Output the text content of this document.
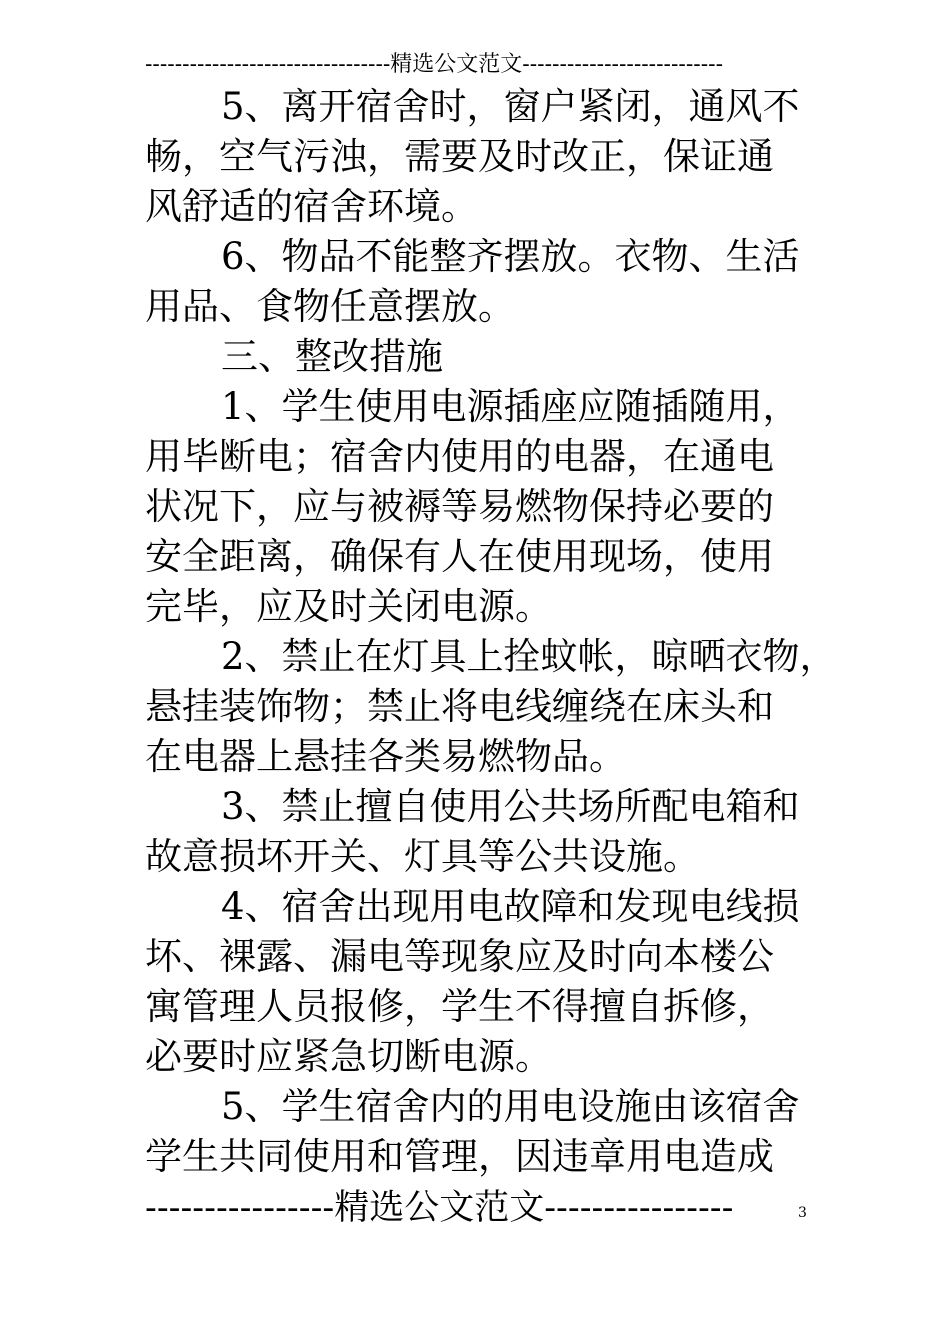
---------------------------------精选公文范文---------------------------
5、离开宿舍时，窗户紧闭，通风不
畅，空气污浊，需要及时改正，保证通
风舒适的宿舍环境。
6、物品不能整齐摆放。衣物、生活
用品、食物任意摆放。
三、整改措施
1、学生使用电源插座应随插随用，
用毕断电；宿舍内使用的电器，在通电
状况下，应与被褥等易燃物保持必要的
安全距离，确保有人在使用现场，使用
完毕，应及时关闭电源。
2、禁止在灯具上拴蚊帐，晾晒衣物，
悬挂装饰物；禁止将电线缠绕在床头和
在电器上悬挂各类易燃物品。
3、禁止擅自使用公共场所配电箱和
故意损坏开关、灯具等公共设施。
4、宿舍出现用电故障和发现电线损
坏、裸露、漏电等现象应及时向本楼公
寓管理人员报修，学生不得擅自拆修，
必要时应紧急切断电源。
5、学生宿舍内的用电设施由该宿舍
学生共同使用和管理，因违章用电造成
----------------精选公文范文----------------	3
